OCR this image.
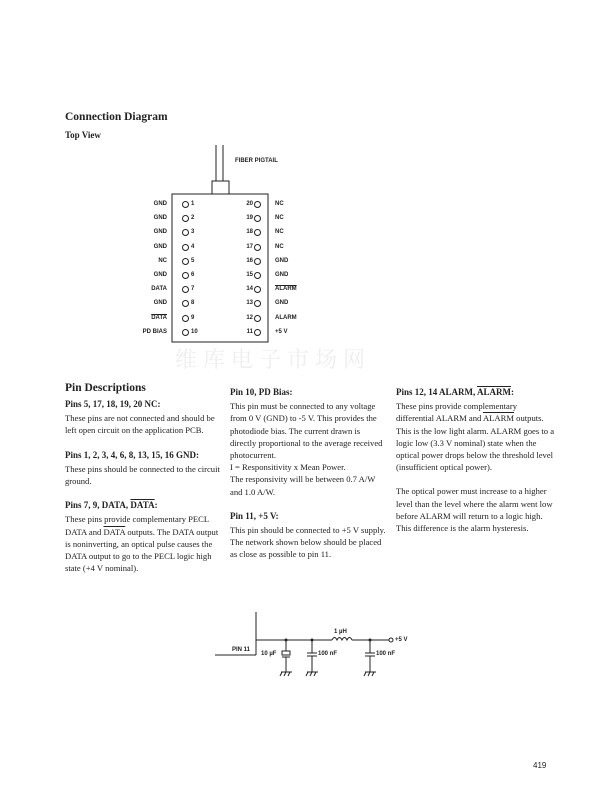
Connection Diagram
Top View
FIBER PIGTAIL
GND	1
GND	2
GND	3
GND	4
NC	5
GND	6
DATA	7
GND	8
DATA	9
PD BIAS	10
20	NC
19	NC
18	NC
17	NC
16	GND
15	GND
14	ALARM
13	GND
12	ALARM
11	+5 V
维库电子市场网
Pin Descriptions
Pins 5, 17, 18, 19, 20 NC:

These pins are not connected and should be left open circuit on the application PCB.

Pins 1, 2, 3, 4, 6, 8, 13, 15, 16 GND:

These pins should be connected to the circuit ground.

Pins 7, 9, DATA, DATA:

These pins provide complementary PECL DATA and DATA outputs. The DATA output is noninverting, an optical pulse causes the DATA output to go to the PECL logic high state (+4 V nominal).

Pin 10, PD Bias:

This pin must be connected to any voltage from 0 V (GND) to -5 V. This provides the photodiode bias. The current drawn is directly proportional to the average received photocurrent.

I = Responsitivity x Mean Power.

The responsivity will be between 0.7 A/W and 1.0 A/W.

Pin 11, +5 V:

This pin should be connected to +5 V supply. The network shown below should be placed as close as possible to pin 11.

Pins 12, 14 ALARM, ALARM:

These pins provide complementary differential ALARM and ALARM outputs. This is the low light alarm. ALARM goes to a logic low (3.3 V nominal) state when the optical power drops below the threshold level (insufficient optical power).

The optical power must increase to a higher level than the level where the alarm went low before ALARM will return to a logic high. This difference is the alarm hysteresis.

PIN 11
10 µF	100 nF	100 nF
1 µH
+5 V
419
